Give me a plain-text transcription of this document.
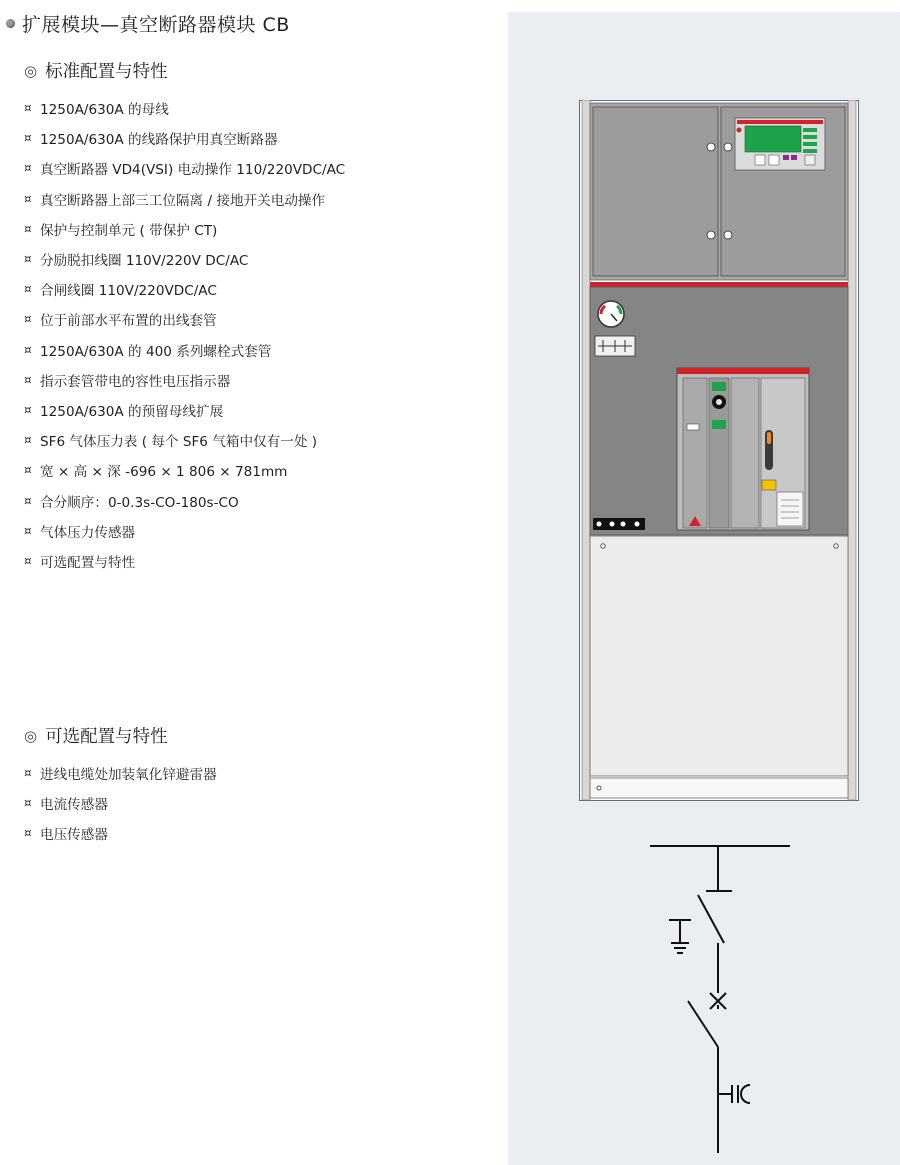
扩展模块—真空断路器模块 CB
◎ 标准配置与特性
¤ 1250A/630A 的母线
¤ 1250A/630A 的线路保护用真空断路器
¤ 真空断路器 VD4(VSI) 电动操作 110/220VDC/AC
¤ 真空断路器上部三工位隔离 / 接地开关电动操作
¤ 保护与控制单元 ( 带保护 CT)
¤ 分励脱扣线圈 110V/220V DC/AC
¤ 合闸线圈 110V/220VDC/AC
¤ 位于前部水平布置的出线套管
¤ 1250A/630A 的 400 系列螺栓式套管
¤ 指示套管带电的容性电压指示器
¤ 1250A/630A 的预留母线扩展
¤ SF6 气体压力表 ( 每个 SF6 气箱中仅有一处 )
¤ 宽 × 高 × 深 -696 × 1 806 × 781mm
¤ 合分顺序：0-0.3s-CO-180s-CO
¤ 气体压力传感器
¤ 可选配置与特性
◎ 可选配置与特性
¤ 进线电缆处加装氧化锌避雷器
¤ 电流传感器
¤ 电压传感器
